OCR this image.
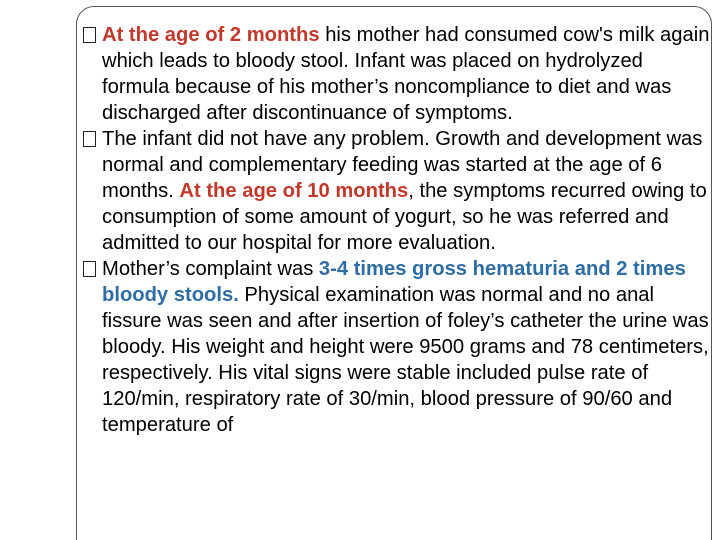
At the age of 2 months his mother had consumed cow's milk again which leads to bloody stool. Infant was placed on hydrolyzed formula because of his mother’s noncompliance to diet and was discharged after discontinuance of symptoms.
The infant did not have any problem. Growth and development was normal and complementary feeding was started at the age of 6 months. At the age of 10 months, the symptoms recurred owing to consumption of some amount of yogurt, so he was referred and admitted to our hospital for more evaluation.
Mother’s complaint was 3-4 times gross hematuria and 2 times bloody stools. Physical examination was normal and no anal fissure was seen and after insertion of foley’s catheter the urine was bloody. His weight and height were 9500 grams and 78 centimeters, respectively. His vital signs were stable included pulse rate of 120/min, respiratory rate of 30/min, blood pressure of 90/60 and temperature of
